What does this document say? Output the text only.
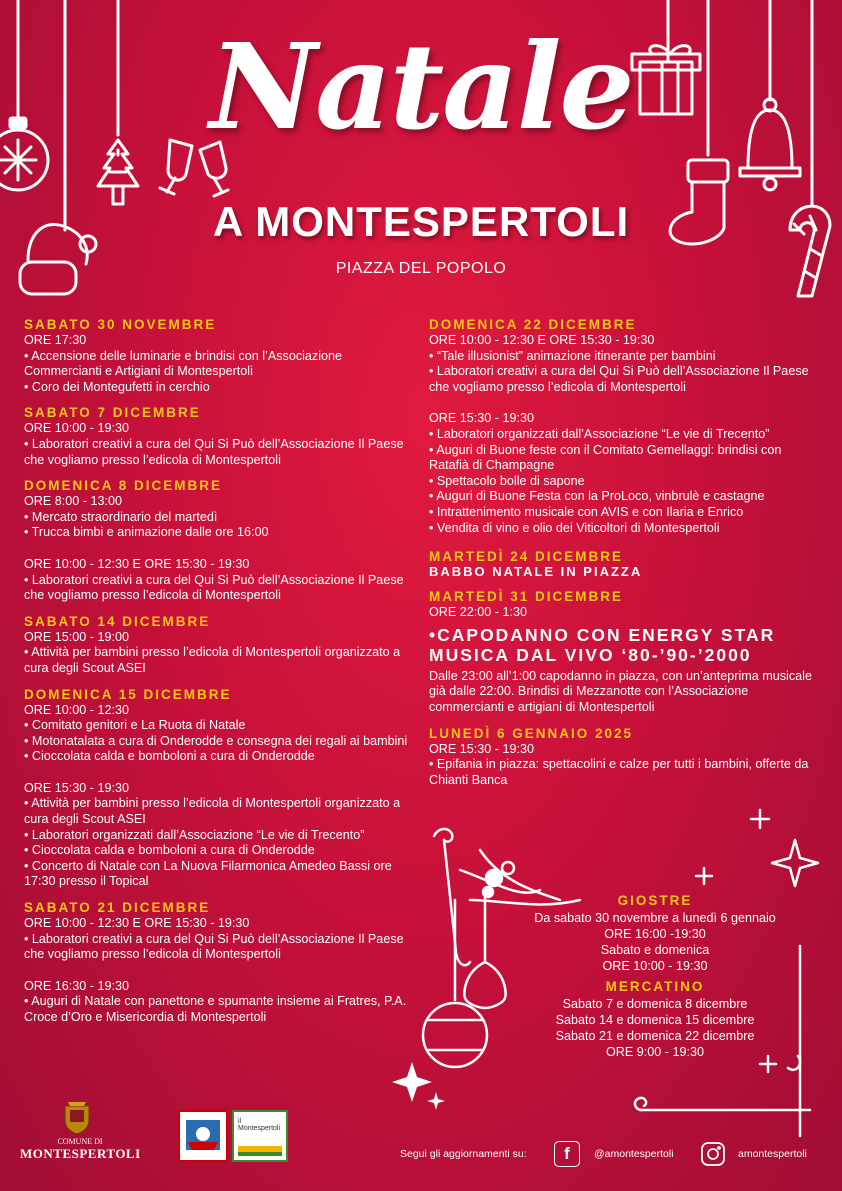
Natale
A MONTESPERTOLI
PIAZZA DEL POPOLO
SABATO 30 NOVEMBRE

ORE 17:30

• Accensione delle luminarie e brindisi con l’Associazione Commercianti e Artigiani di Montespertoli

• Coro dei Montegufetti in cerchio

SABATO 7 DICEMBRE

ORE 10:00 - 19:30

• Laboratori creativi a cura del Qui Si Può dell’Associazione Il Paese che vogliamo presso l’edicola di Montespertoli

DOMENICA 8 DICEMBRE

ORE 8:00 - 13:00

• Mercato straordinario del martedì

• Trucca bimbi e animazione dalle ore 16:00

ORE 10:00 - 12:30 E ORE 15:30 - 19:30

• Laboratori creativi a cura del Qui Si Può dell’Associazione Il Paese che vogliamo presso l’edicola di Montespertoli

SABATO 14 DICEMBRE

ORE 15:00 - 19:00

• Attività per bambini presso l’edicola di Montespertoli organizzato a cura degli Scout ASEI

DOMENICA 15 DICEMBRE

ORE 10:00 - 12:30

• Comitato genitori e La Ruota di Natale

• Motonatalata a cura di Onderodde e consegna dei regali ai bambini

• Cioccolata calda e bomboloni a cura di Onderodde

ORE 15:30 - 19:30

• Attività per bambini presso l’edicola di Montespertoli organizzato a cura degli Scout ASEI

• Laboratori organizzati dall’Associazione “Le vie di Trecento”

• Cioccolata calda e bomboloni a cura di Onderodde

• Concerto di Natale con La Nuova Filarmonica Amedeo Bassi ore 17:30 presso il Topical

SABATO 21 DICEMBRE

ORE 10:00 - 12:30 E ORE 15:30 - 19:30

• Laboratori creativi a cura del Qui Si Può dell’Associazione Il Paese che vogliamo presso l’edicola di Montespertoli

ORE 16:30 - 19:30

• Auguri di Natale con panettone e spumante insieme ai Fratres, P.A. Croce d’Oro e Misericordia di Montespertoli

DOMENICA 22 DICEMBRE

ORE 10:00 - 12:30 E ORE 15:30 - 19:30

• “Tale illusionist” animazione itinerante per bambini

• Laboratori creativi a cura del Qui Si Può dell’Associazione Il Paese che vogliamo presso l’edicola di Montespertoli

ORE 15:30 - 19:30

• Laboratori organizzati dall’Associazione “Le vie di Trecento”

• Auguri di Buone feste con il Comitato Gemellaggi: brindisi con Ratafià di Champagne

• Spettacolo bolle di sapone

• Auguri di Buone Festa con la ProLoco, vinbrulè e castagne

• Intrattenimento musicale con AVIS e con Ilaria e Enrico

• Vendita di vino e olio dei Viticoltori di Montespertoli

MARTEDÌ 24 DICEMBRE
BABBO NATALE IN PIAZZA
MARTEDÌ 31 DICEMBRE

ORE 22:00 - 1:30

•CAPODANNO CON ENERGY STAR
MUSICA DAL VIVO ‘80-’90-’2000

Dalle 23:00 all’1:00 capodanno in piazza, con un’anteprima musicale già dalle 22:00. Brindisi di Mezzanotte con l’Associazione commercianti e artigiani di Montespertoli

LUNEDÌ 6 GENNAIO 2025

ORE 15:30 - 19:30

• Epifania in piazza: spettacolini e calze per tutti i bambini, offerte da Chianti Banca

GIOSTRE
Da sabato 30 novembre a lunedì 6 gennaio
ORE 16:00 -19:30
Sabato e domenica
ORE 10:00 - 19:30
MERCATINO
Sabato 7 e domenica 8 dicembre
Sabato 14 e domenica 15 dicembre
Sabato 21 e domenica 22 dicembre
ORE 9:00 - 19:30
COMUNE DI
MONTESPERTOLI
il Montespertoli
Segui gli aggiornamenti su:	f	@amontespertoli	amontespertoli
